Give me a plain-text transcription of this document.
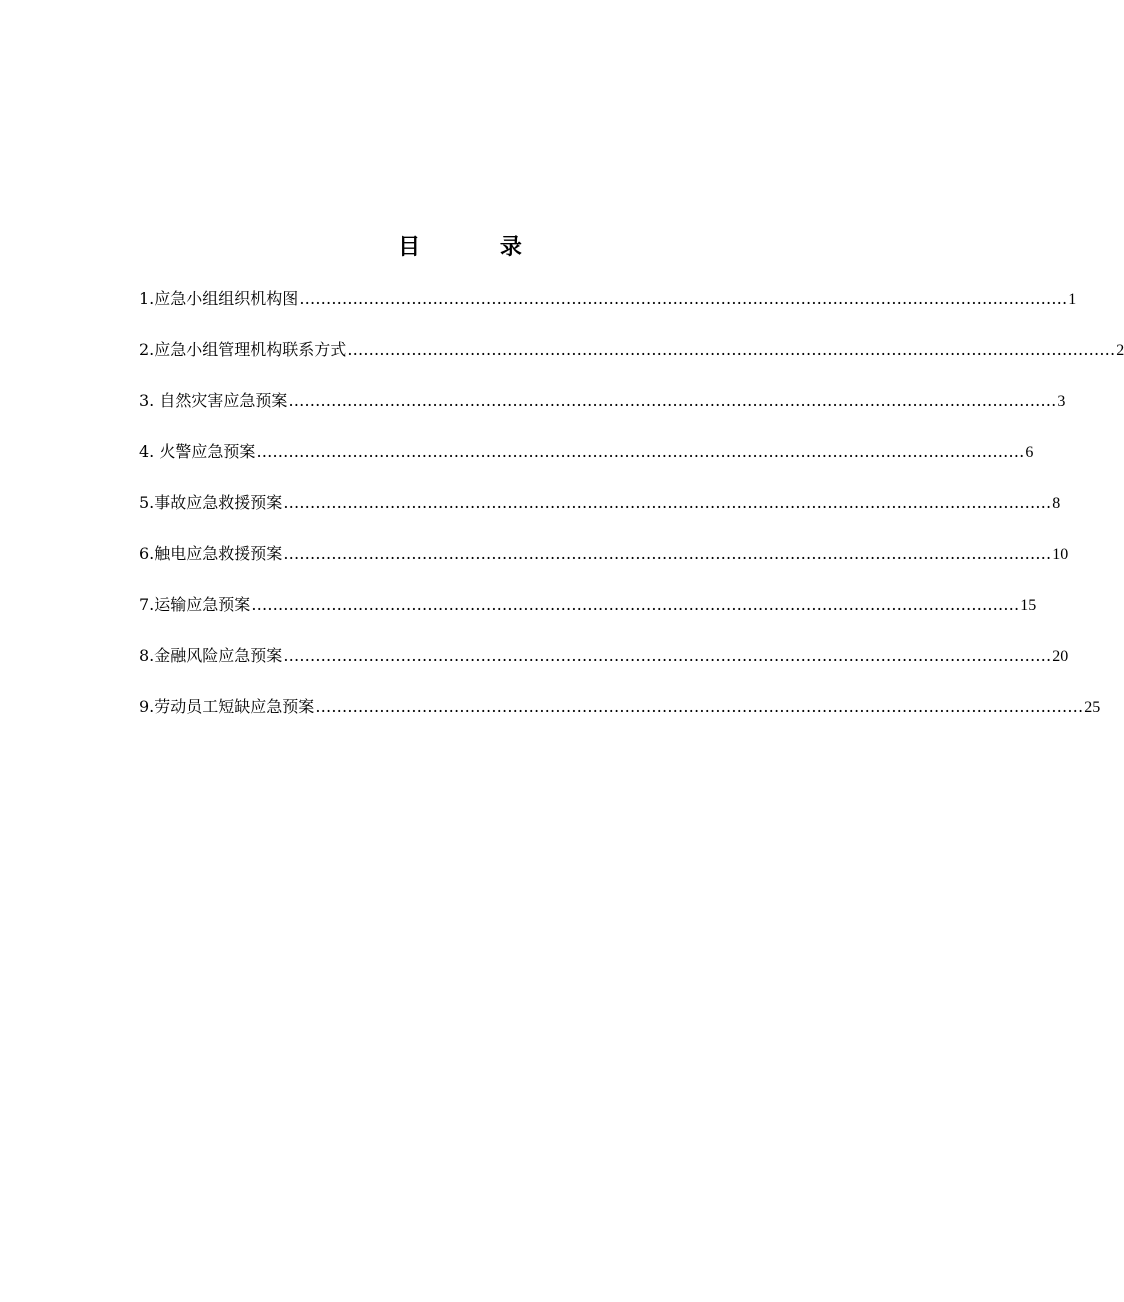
目 录
1.应急小组组织机构图 ……………………………………………………………………………………………………………………………… 1
2.应急小组管理机构联系方式 ……………………………………………………………………………………………………………………………… 2
3. 自然灾害应急预案 ……………………………………………………………………………………………………………………………… 3
4. 火警应急预案 ……………………………………………………………………………………………………………………………… 6
5.事故应急救援预案 ……………………………………………………………………………………………………………………………… 8
6.触电应急救援预案 ……………………………………………………………………………………………………………………………… 10
7.运输应急预案 ……………………………………………………………………………………………………………………………… 15
8.金融风险应急预案 ……………………………………………………………………………………………………………………………… 20
9.劳动员工短缺应急预案 ……………………………………………………………………………………………………………………………… 25
